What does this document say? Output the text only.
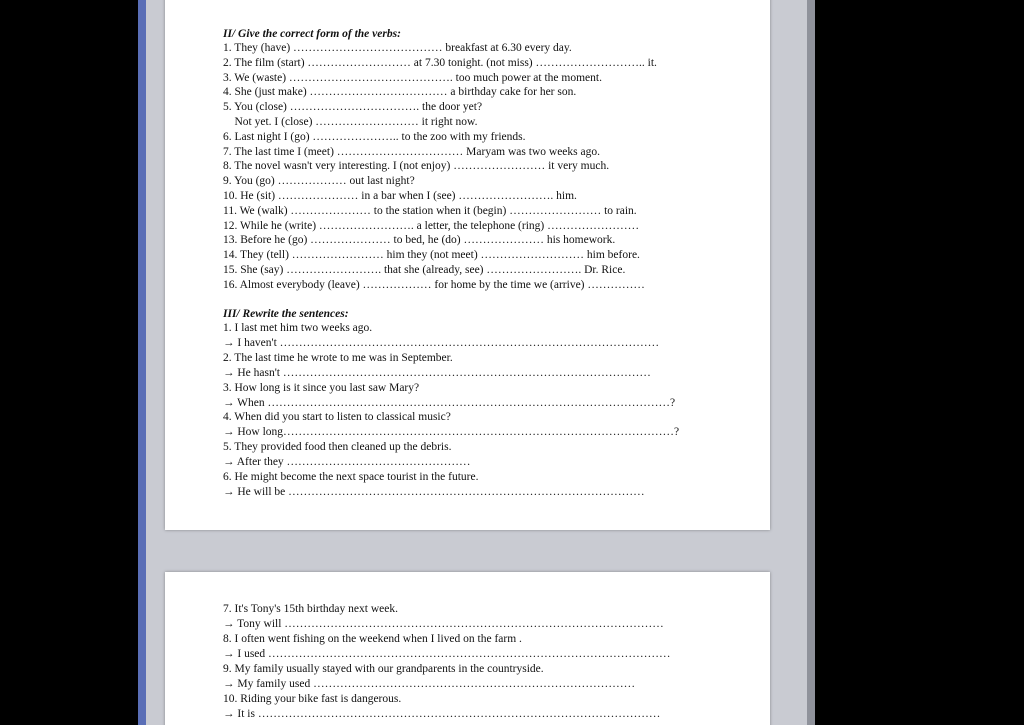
II/ Give the correct form of the verbs:
1. They (have) ………………………………… breakfast at 6.30 every day.
2. The film (start) ……………………… at 7.30 tonight. (not miss) ……………………….. it.
3. We (waste) ……………………………………. too much power at the moment.
4. She (just make) ……………………………… a birthday cake for her son.
5. You (close) ……………………………. the door yet?
Not yet. I (close) ……………………… it right now.
6. Last night I (go) ………………….. to the zoo with my friends.
7. The last time I (meet) …………………………… Maryam was two weeks ago.
8. The novel wasn't very interesting. I (not enjoy) …………………… it very much.
9. You (go) ……………… out last night?
10. He (sit) ………………… in a bar when I (see) ……………………. him.
11. We (walk) ………………… to the station when it (begin) …………………… to rain.
12. While he (write) ……………………. a letter, the telephone (ring) ……………………
13. Before he (go) ………………… to bed, he (do) ………………… his homework.
14. They (tell) …………………… him they (not meet) ……………………… him before.
15. She (say) ……………………. that she (already, see) ……………………. Dr. Rice.
16. Almost everybody (leave) ……………… for home by the time we (arrive) ……………
III/ Rewrite the sentences:
1. I last met him two weeks ago.
→ I haven't ………………………………………………………………………………………
2. The last time he wrote to me was in September.
→ He hasn't ……………………………………………………………………………………
3. How long is it since you last saw Mary?
→ When ……………………………………………………………………………………………?
4. When did you start to listen to classical music?
→ How long…………………………………………………………………………………………?
5. They provided food then cleaned up the debris.
→ After they …………………………………………
6. He might become the next space tourist in the future.
→ He will be …………………………………………………………………………………
7. It's Tony's 15th birthday next week.
→ Tony will ………………………………………………………………………………………
8. I often went fishing on the weekend when I lived on the farm .
→ I used ……………………………………………………………………………………………
9. My family usually stayed with our grandparents in the countryside.
→ My family used …………………………………………………………………………
10. Riding your bike fast is dangerous.
→ It is ……………………………………………………………………………………………
